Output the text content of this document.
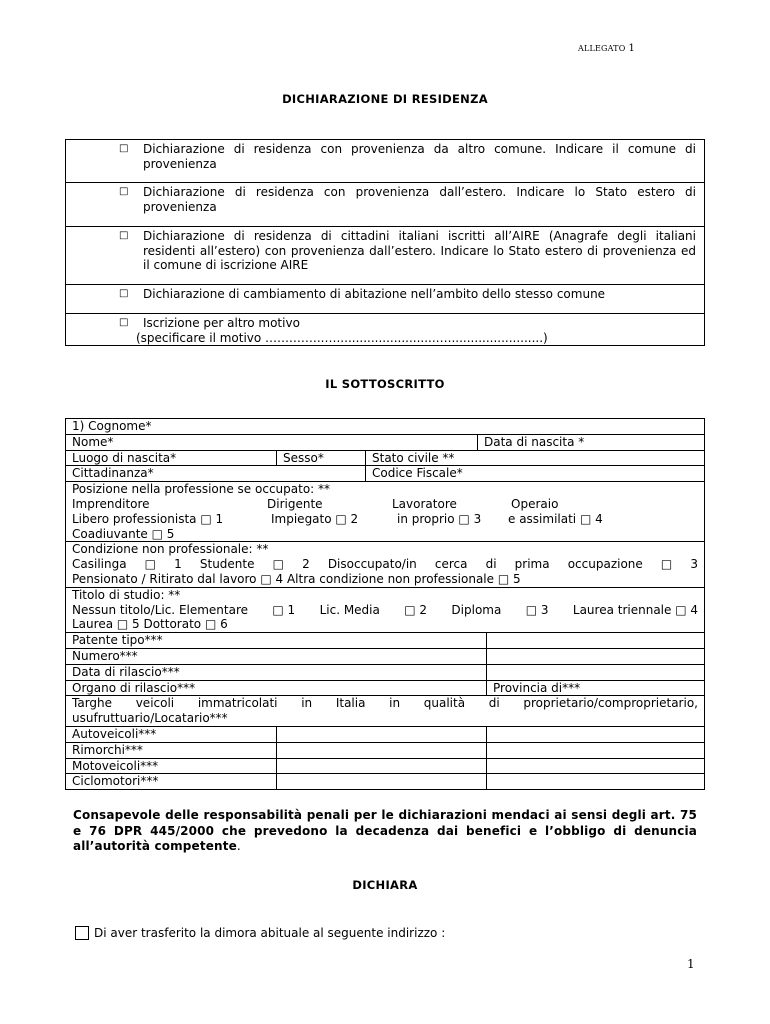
ALLEGATO 1
DICHIARAZIONE DI RESIDENZA
□	Dichiarazione di residenza con provenienza da altro comune. Indicare il comune di provenienza
□	Dichiarazione di residenza con provenienza dall’estero. Indicare lo Stato estero di provenienza
□	Dichiarazione di residenza di cittadini italiani iscritti all’AIRE (Anagrafe degli italiani residenti all’estero) con provenienza dall’estero. Indicare lo Stato estero di provenienza ed il comune di iscrizione AIRE
□	Dichiarazione di cambiamento di abitazione nell’ambito dello stesso comune
□	Iscrizione per altro motivo
(specificare il motivo …….……..…..........................….........................)
IL SOTTOSCRITTO
1) Cognome*
Nome*	Data di nascita *
Luogo di nascita*	Sesso*	Stato civile **
Cittadinanza*	Codice Fiscale*
Posizione nella professione se occupato: **
Imprenditore	Dirigente	Lavoratore	Operaio
Libero professionista □ 1	Impiegato □ 2	in proprio □ 3	e assimilati □ 4
Coadiuvante □ 5
Condizione non professionale: **
Casilinga □ 1 Studente □ 2 Disoccupato/in cerca di prima occupazione □ 3
Pensionato / Ritirato dal lavoro □ 4 Altra condizione non professionale □ 5
Titolo di studio: **
Nessun titolo/Lic. Elementare □ 1 Lic. Media □ 2 Diploma □ 3 Laurea triennale □ 4
Laurea □ 5 Dottorato □ 6
Patente tipo***
Numero***
Data di rilascio***
Organo di rilascio***	Provincia di***
Targhe veicoli immatricolati in Italia in qualità di proprietario/comproprietario,
usufruttuario/Locatario***
Autoveicoli***
Rimorchi***
Motoveicoli***
Ciclomotori***
Consapevole delle responsabilità penali per le dichiarazioni mendaci ai sensi degli art. 75 e 76 DPR 445/2000 che prevedono la decadenza dai benefici e l’obbligo di denuncia all’autorità competente.
DICHIARA
Di aver trasferito la dimora abituale al seguente indirizzo :
1
